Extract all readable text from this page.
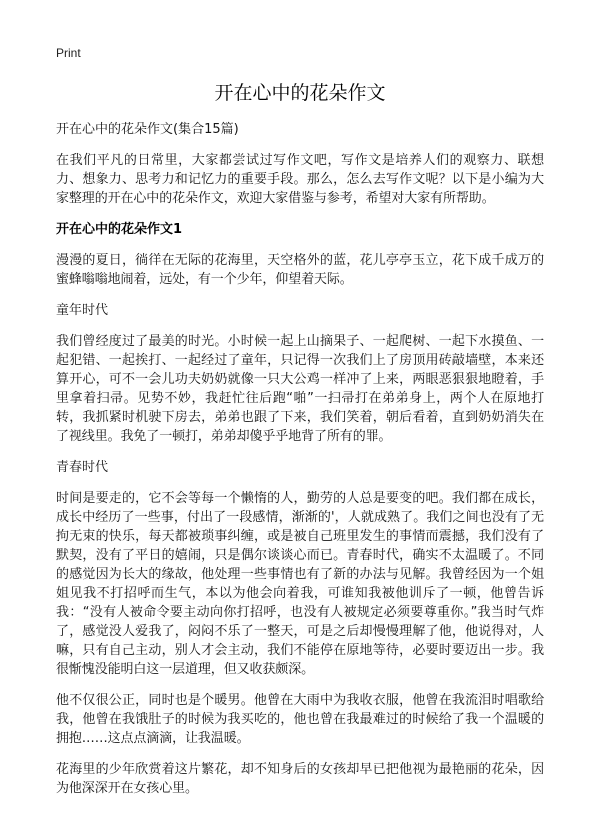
Print
开在心中的花朵作文

开在心中的花朵作文(集合15篇)

在我们平凡的日常里，大家都尝试过写作文吧，写作文是培养人们的观察力、联想力、想象力、思考力和记忆力的重要手段。那么，怎么去写作文呢？以下是小编为大家整理的开在心中的花朵作文，欢迎大家借鉴与参考，希望对大家有所帮助。

开在心中的花朵作文1

漫漫的夏日，徜徉在无际的花海里，天空格外的蓝，花儿亭亭玉立，花下成千成万的蜜蜂嗡嗡地闹着，远处，有一个少年，仰望着天际。

童年时代

我们曾经度过了最美的时光。小时候一起上山摘果子、一起爬树、一起下水摸鱼、一起犯错、一起挨打、一起经过了童年，只记得一次我们上了房顶用砖敲墙壁，本来还算开心，可不一会儿功夫奶奶就像一只大公鸡一样冲了上来，两眼恶狠狠地瞪着，手里拿着扫帚。见势不妙，我赶忙往后跑“啪”一扫帚打在弟弟身上，两个人在原地打转，我抓紧时机驶下房去，弟弟也跟了下来，我们笑着，朝后看着，直到奶奶消失在了视线里。我免了一顿打，弟弟却傻乎乎地背了所有的罪。

青春时代

时间是要走的，它不会等每一个懒惰的人，勤劳的人总是要变的吧。我们都在成长，成长中经历了一些事，付出了一段感情，渐渐的'，人就成熟了。我们之间也没有了无拘无束的快乐，每天都被琐事纠缠，或是被自己班里发生的事情而震撼，我们没有了默契，没有了平日的嬉闹，只是偶尔谈谈心而已。青春时代，确实不太温暖了。不同的感觉因为长大的缘故，他处理一些事情也有了新的办法与见解。我曾经因为一个姐姐见我不打招呼而生气，本以为他会向着我，可谁知我被他训斥了一顿，他曾告诉我：“没有人被命令要主动向你打招呼，也没有人被规定必须要尊重你。”我当时气炸了，感觉没人爱我了，闷闷不乐了一整天，可是之后却慢慢理解了他，他说得对，人嘛，只有自己主动，别人才会主动，我们不能停在原地等待，必要时要迈出一步。我很惭愧没能明白这一层道理，但又收获颇深。

他不仅很公正，同时也是个暖男。他曾在大雨中为我收衣服，他曾在我流泪时唱歌给我，他曾在我饿肚子的时候为我买吃的，他也曾在我最难过的时候给了我一个温暖的拥抱……这点点滴滴，让我温暖。

花海里的少年欣赏着这片繁花，却不知身后的女孩却早已把他视为最艳丽的花朵，因为他深深开在女孩心里。
